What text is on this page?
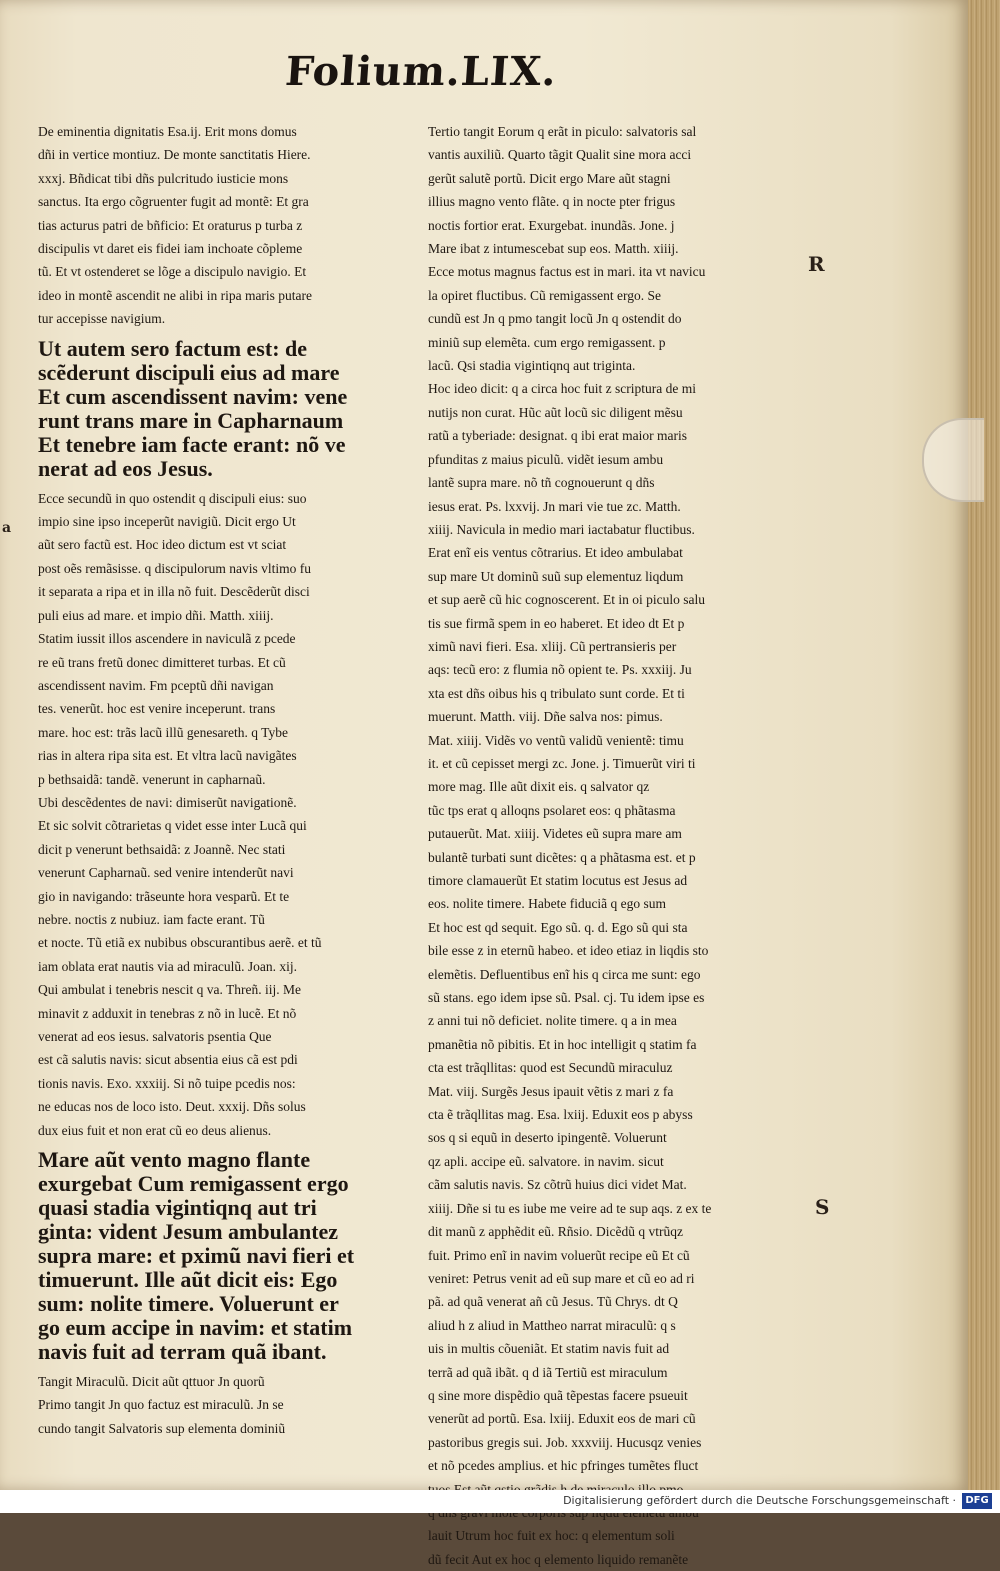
Folium.LIX.
De eminentia dignitatis Esa.ij. Erit mons domus
dñi in vertice montiuz. De monte sanctitatis Hiere.
xxxj. Bñdicat tibi dñs pulcritudo iusticie mons
sanctus. Ita ergo cõgruenter fugit ad montẽ: Et gra
tias acturus patri de bñficio: Et oraturus p turba z
discipulis vt daret eis fidei iam inchoate cõpleme
tũ. Et vt ostenderet se lõge a discipulo navigio. Et
ideo in montẽ ascendit ne alibi in ripa maris putare
tur accepisse navigium.
Ut autem sero factum est: de
scẽderunt discipuli eius ad mare
Et cum ascendissent navim: vene
runt trans mare in Capharnaum
Et tenebre iam facte erant: nõ ve
nerat ad eos Jesus.
Ecce secundũ in quo ostendit q discipuli eius: suo
impio sine ipso inceperũt navigiũ. Dicit ergo Ut
aũt sero factũ est. Hoc ideo dictum est vt sciat
post oẽs remãsisse. q discipulorum navis vltimo fu
it separata a ripa et in illa nõ fuit. Descẽderũt disci
puli eius ad mare. et impio dñi. Matth. xiiij.
Statim iussit illos ascendere in naviculã z pcede
re eũ trans fretũ donec dimitteret turbas. Et cũ
ascendissent navim. Fm pceptũ dñi navigan
tes. venerũt. hoc est venire inceperunt. trans
mare. hoc est: trãs lacũ illũ genesareth. q Tybe
rias in altera ripa sita est. Et vltra lacũ navigãtes
p bethsaidã: tandẽ. venerunt in capharnaũ.
Ubi descẽdentes de navi: dimiserũt navigationẽ.
Et sic solvit cõtrarietas q videt esse inter Lucã qui
dicit p venerunt bethsaidã: z Joannẽ. Nec stati
venerunt Capharnaũ. sed venire intenderũt navi
gio in navigando: trãseunte hora vesparũ. Et te
nebre. noctis z nubiuz. iam facte erant. Tũ
et nocte. Tũ etiã ex nubibus obscurantibus aerẽ. et tũ
iam oblata erat nautis via ad miraculũ. Joan. xij.
Qui ambulat i tenebris nescit q va. Threñ. iij. Me
minavit z adduxit in tenebras z nõ in lucẽ. Et nõ
venerat ad eos iesus. salvatoris psentia Que
est cã salutis navis: sicut absentia eius cã est pdi
tionis navis. Exo. xxxiij. Si nõ tuipe pcedis nos:
ne educas nos de loco isto. Deut. xxxij. Dñs solus
dux eius fuit et non erat cũ eo deus alienus.
Mare aũt vento magno flante
exurgebat Cum remigassent ergo
quasi stadia vigintiqnq aut tri
ginta: vident Jesum ambulantez
supra mare: et pximũ navi fieri et
timuerunt. Ille aũt dicit eis: Ego
sum: nolite timere. Voluerunt er
go eum accipe in navim: et statim
navis fuit ad terram quã ibant.
Tangit Miraculũ. Dicit aũt qttuor Jn quorũ
Primo tangit Jn quo factuz est miraculũ. Jn se
cundo tangit Salvatoris sup elementa dominiũ
Tertio tangit Eorum q erãt in piculo: salvatoris sal
vantis auxiliũ. Quarto tãgit Qualit sine mora acci
gerũt salutẽ portũ. Dicit ergo Mare aũt stagni
illius magno vento flãte. q in nocte pter frigus
noctis fortior erat. Exurgebat. inundãs. Jone. j
Mare ibat z intumescebat sup eos. Matth. xiiij.
Ecce motus magnus factus est in mari. ita vt navicu
la opiret fluctibus. Cũ remigassent ergo. Se
cundũ est Jn q pmo tangit locũ Jn q ostendit do
miniũ sup elemẽta. cum ergo remigassent. p
lacũ. Qsi stadia vigintiqnq aut triginta.
Hoc ideo dicit: q a circa hoc fuit z scriptura de mi
nutijs non curat. Hũc aũt locũ sic diligent mẽsu
ratũ a tyberiade: designat. q ibi erat maior maris
pfunditas z maius piculũ. vidẽt iesum ambu
lantẽ supra mare. nõ tñ cognouerunt q dñs
iesus erat. Ps. lxxvij. Jn mari vie tue zc. Matth.
xiiij. Navicula in medio mari iactabatur fluctibus.
Erat enĩ eis ventus cõtrarius. Et ideo ambulabat
sup mare Ut dominũ suũ sup elementuz liqdum
et sup aerẽ cũ hic cognoscerent. Et in oi piculo salu
tis sue firmã spem in eo haberet. Et ideo dt Et p
ximũ navi fieri. Esa. xliij. Cũ pertransieris per
aqs: tecũ ero: z flumia nõ opient te. Ps. xxxiij. Ju
xta est dñs oibus his q tribulato sunt corde. Et ti
muerunt. Matth. viij. Dñe salva nos: pimus.
Mat. xiiij. Vidẽs vo ventũ validũ venientẽ: timu
it. et cũ cepisset mergi zc. Jone. j. Timuerũt viri ti
more mag. Ille aũt dixit eis. q salvator qz
tũc tps erat q alloqns psolaret eos: q phãtasma
putauerũt. Mat. xiiij. Videtes eũ supra mare am
bulantẽ turbati sunt dicẽtes: q a phãtasma est. et p
timore clamauerũt Et statim locutus est Jesus ad
eos. nolite timere. Habete fiduciã q ego sum
Et hoc est qd sequit. Ego sũ. q. d. Ego sũ qui sta
bile esse z in eternũ habeo. et ideo etiaz in liqdis sto
elemẽtis. Defluentibus enĩ his q circa me sunt: ego
sũ stans. ego idem ipse sũ. Psal. cj. Tu idem ipse es
z anni tui nõ deficiet. nolite timere. q a in mea
pmanẽtia nõ pibitis. Et in hoc intelligit q statim fa
cta est trãqllitas: quod est Secundũ miraculuz
Mat. viij. Surgẽs Jesus ipauit vẽtis z mari z fa
cta ẽ trãqllitas mag. Esa. lxiij. Eduxit eos p abyss
sos q si equũ in deserto ipingentẽ. Voluerunt
qz apli. accipe eũ. salvatore. in navim. sicut
cãm salutis navis. Sz cõtrũ huius dici videt Mat.
xiiij. Dñe si tu es iube me veire ad te sup aqs. z ex te
dit manũ z apphẽdit eũ. Rñsio. Dicẽdũ q vtrũqz
fuit. Primo enĩ in navim voluerũt recipe eũ Et cũ
veniret: Petrus venit ad eũ sup mare et cũ eo ad ri
pã. ad quã venerat añ cũ Jesus. Tũ Chrys. dt Q
aliud h z aliud in Mattheo narrat miraculũ: q s
uis in multis cõueniãt. Et statim navis fuit ad
terrã ad quã ibãt. q d iã Tertiũ est miraculum
q sine more dispẽdio quã tẽpestas facere psueuit
venerũt ad portũ. Esa. lxiij. Eduxit eos de mari cũ
pastoribus gregis sui. Job. xxxviij. Hucusqz venies
et nõ pcedes amplius. et hic pfringes tumẽtes fluct
lauit Utrum hoc fuit ex hoc: q elementum soli
dũ fecit Aut ex hoc q elemento liquido remanẽte
R
S
a
Digitalisierung gefördert durch die Deutsche Forschungsgemeinschaft · DFG
